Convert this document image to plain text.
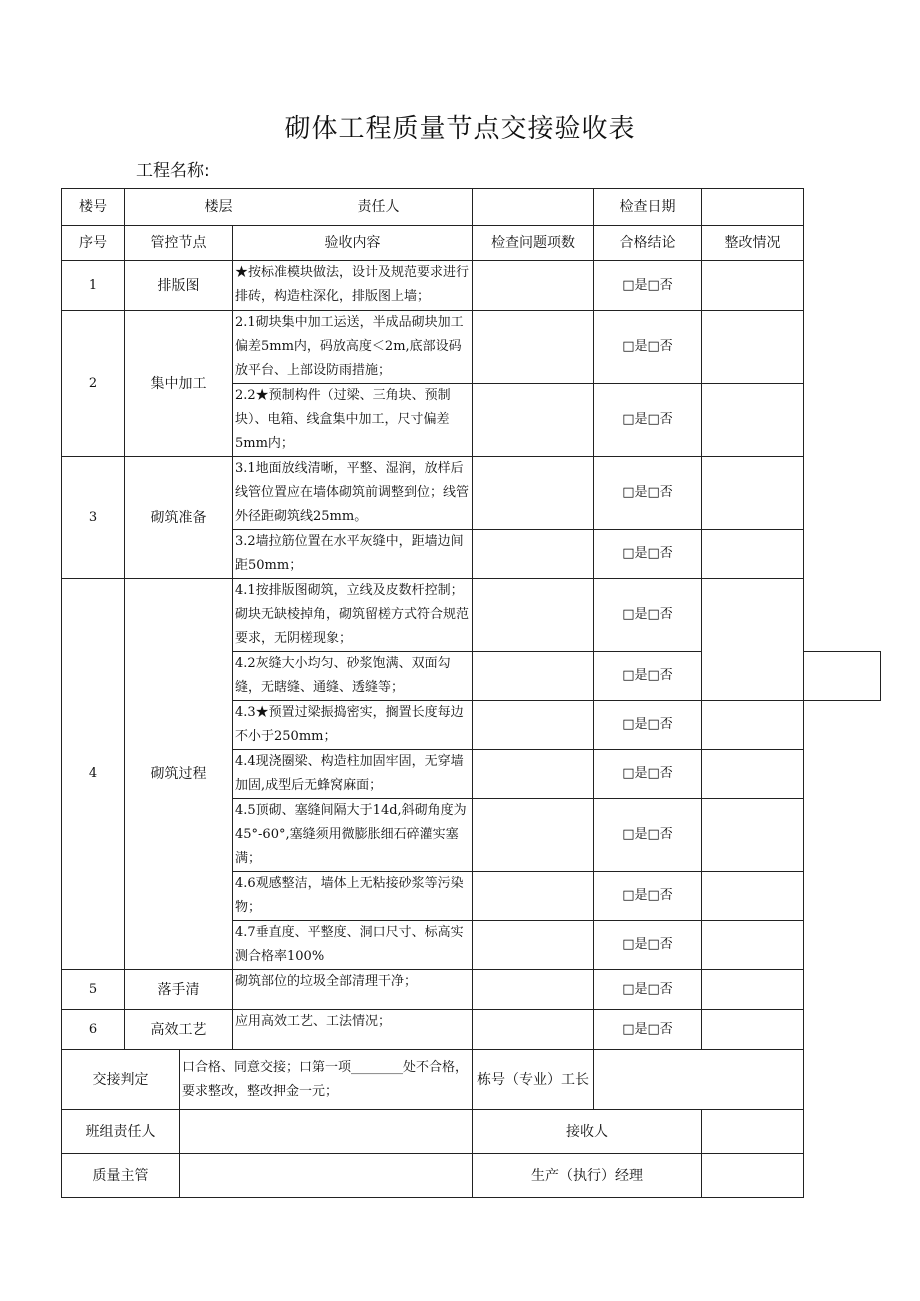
砌体工程质量节点交接验收表
工程名称:
楼号	楼层 责任人				检查日期		
序号	管控节点		验收内容	检查问题项数	合格结论	整改情况	
1	排版图		★按标准模块做法，设计及规范要求进行排砖，构造柱深化，排版图上墙；		□是□否		
2	集中加工		2.1砌块集中加工运送，半成品砌块加工偏差5mm内，码放高度＜2m,底部设码放平台、上部设防雨措施；		□是□否		
			2.2★预制构件（过梁、三角块、预制块）、电箱、线盒集中加工，尺寸偏差5mm内；		□是□否		
3	砌筑准备		3.1地面放线清晰，平整、湿润，放样后线管位置应在墙体砌筑前调整到位；线管外径距砌筑线25mm。		□是□否		
			3.2墙拉筋位置在水平灰缝中，距墙边间距50mm；		□是□否		
4	砌筑过程		4.1按排版图砌筑，立线及皮数杆控制；砌块无缺棱掉角，砌筑留槎方式符合规范要求，无阴槎现象；		□是□否		
			4.2灰缝大小均匀、砂浆饱满、双面勾缝，无瞎缝、通缝、透缝等；		□是□否		
			4.3★预置过梁振捣密实，搁置长度每边不小于250mm；		□是□否		
			4.4现浇圈梁、构造柱加固牢固，无穿墙加固,成型后无蜂窝麻面；		□是□否		
			4.5顶砌、塞缝间隔大于14d,斜砌角度为45°-60°,塞缝须用微膨胀细石碎灌实塞满；		□是□否		
			4.6观感整洁，墙体上无粘接砂浆等污染物；		□是□否		
			4.7垂直度、平整度、洞口尺寸、标高实测合格率100%		□是□否		
5	落手清		砌筑部位的垃圾全部清理干净；		□是□否		
6	高效工艺		应用高效工艺、工法情况；		□是□否		
交接判定		口合格、同意交接；口第一项________处不合格，要求整改，整改押金一元；		栋号（专业）工长			
班组责任人				接收人			
质量主管				生产（执行）经理			
